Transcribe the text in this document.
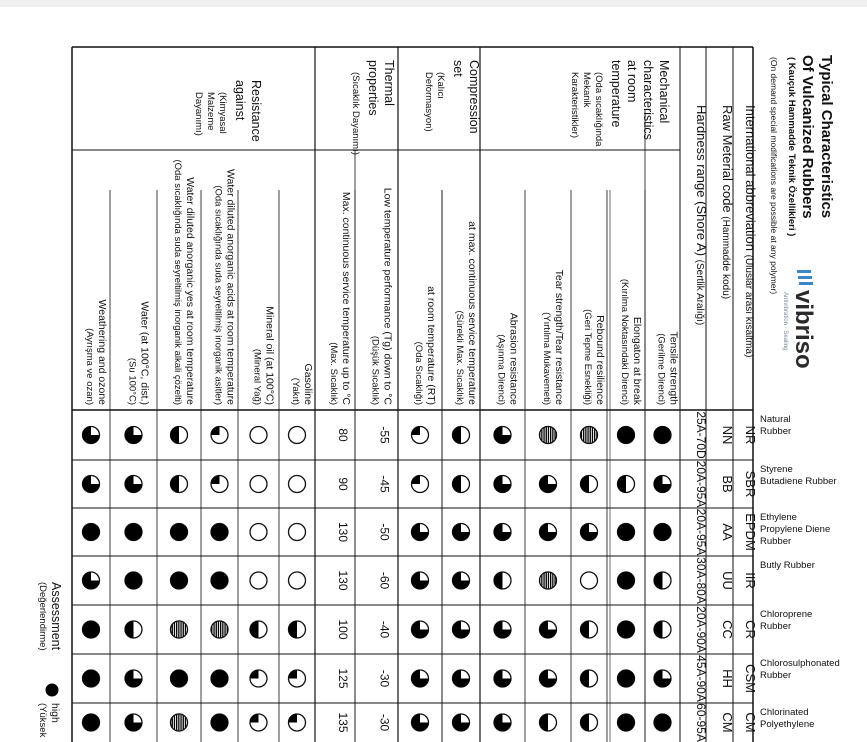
Typical Characteristics
Of Vulcanized Rubbers
( Kauçuk Hammadde Teknik Özellikleri )
(On demand special modifications are possible at any polymer)
vibriso
Antivibration · Sealing
Mechanical
characteristics
at room
temperature
(Oda sıcaklığında
Mekanik
Karakteristikler)
Compression
set
(Kalıcı
Deformasyon)
Thermal
properties
(Sıcaklık Dayanımı)
Resistance
against
(Kimyasal
Malzeme
Dayanımı)	International abbreviation (Uluslar arası kısaltma)
NR
SBR
EPDM
IIR
CR
CSM
CM
Raw Meterial code (Hammadde kodu)
NN
BB
AA
UU
CC
HH
CM
Hardness range (Shore A) (Sertlik Aralığı)
25A-70D
20A-95A
20A-95A
30A-80A
20A-90A
45A-90A
60-95A
Tensile strength
(Gerilme Direnci)
Elongaton at break
(Kırılma Noktasındaki Direnci)
Rebound resilience
(Geri Tepme Esnekliği)
Tear strength/Tear resistance
(Yırtılma Mukavemeti)
Abrasion resistance
(Aşınma Direnci)
at max. continuous service temperature
(Sürekli Max. Sıcaklık)
at room temperature (RT)
(Oda Sıcaklığı)
Low temperature performance (Tg) down to °C
(Düşük Sıcaklık)
-55
-45
-50
-60
-40
-30
-30
Max. continuous service temperature up to °C
(Max. Sıcaklık)
80
90
130
130
100
125
135
Gasoline
(Yakıt)
Mineral oil (at 100°C)
(Mineral Yağ)
Water diluted anorganic acids at room temperature
(Oda sıcaklığında suda seyreltilmiş inorganik asitler)
Water diluted anorganic yes at room temperature
(Oda sıcaklığında suda seyreltilmiş inorganik alkali çözelti)
Water (at 100°C, dist.)
(Su 100°C)
Weathering and ozone
(Ayrışma ve ozan)
Natural
Rubber
Styrene
Butadiene Rubber
Ethylene
Propylene Diene
Rubber
Butly Rubber
Chloroprene
Rubber
Chlorosulphonated
Rubber
Chlorinated
Polyethylene
Assessment
(Değerlendirme)
high
(Yüksek
